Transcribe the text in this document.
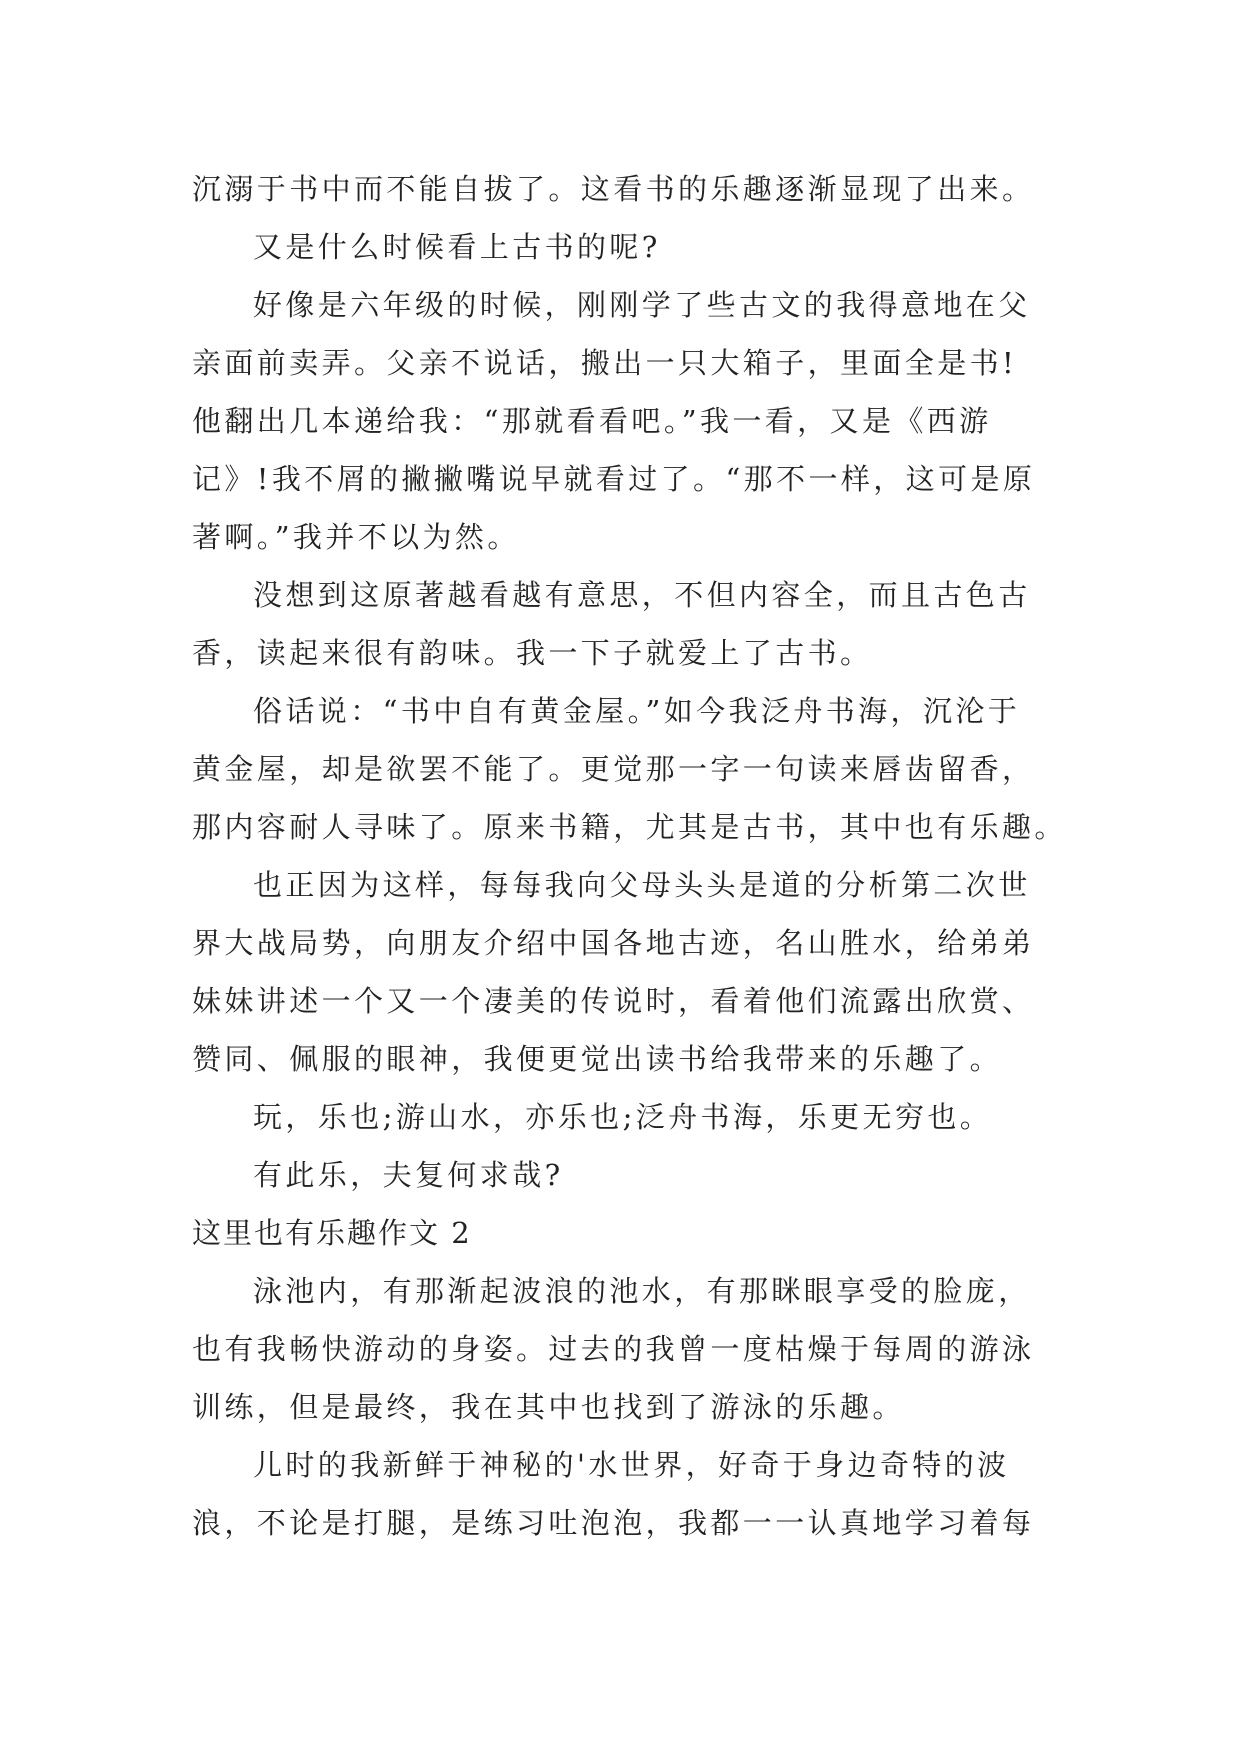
沉溺于书中而不能自拔了。这看书的乐趣逐渐显现了出来。
又是什么时候看上古书的呢?
好像是六年级的时候，刚刚学了些古文的我得意地在父
亲面前卖弄。父亲不说话，搬出一只大箱子，里面全是书!
他翻出几本递给我：“那就看看吧。”我一看，又是《西游
记》!我不屑的撇撇嘴说早就看过了。“那不一样，这可是原
著啊。”我并不以为然。
没想到这原著越看越有意思，不但内容全，而且古色古
香，读起来很有韵味。我一下子就爱上了古书。
俗话说：“书中自有黄金屋。”如今我泛舟书海，沉沦于
黄金屋，却是欲罢不能了。更觉那一字一句读来唇齿留香，
那内容耐人寻味了。原来书籍，尤其是古书，其中也有乐趣。
也正因为这样，每每我向父母头头是道的分析第二次世
界大战局势，向朋友介绍中国各地古迹，名山胜水，给弟弟
妹妹讲述一个又一个凄美的传说时，看着他们流露出欣赏、
赞同、佩服的眼神，我便更觉出读书给我带来的乐趣了。
玩，乐也;游山水，亦乐也;泛舟书海，乐更无穷也。
有此乐，夫复何求哉?
这里也有乐趣作文 2
泳池内，有那渐起波浪的池水，有那眯眼享受的脸庞，
也有我畅快游动的身姿。过去的我曾一度枯燥于每周的游泳
训练，但是最终，我在其中也找到了游泳的乐趣。
儿时的我新鲜于神秘的'水世界，好奇于身边奇特的波
浪，不论是打腿，是练习吐泡泡，我都一一认真地学习着每
